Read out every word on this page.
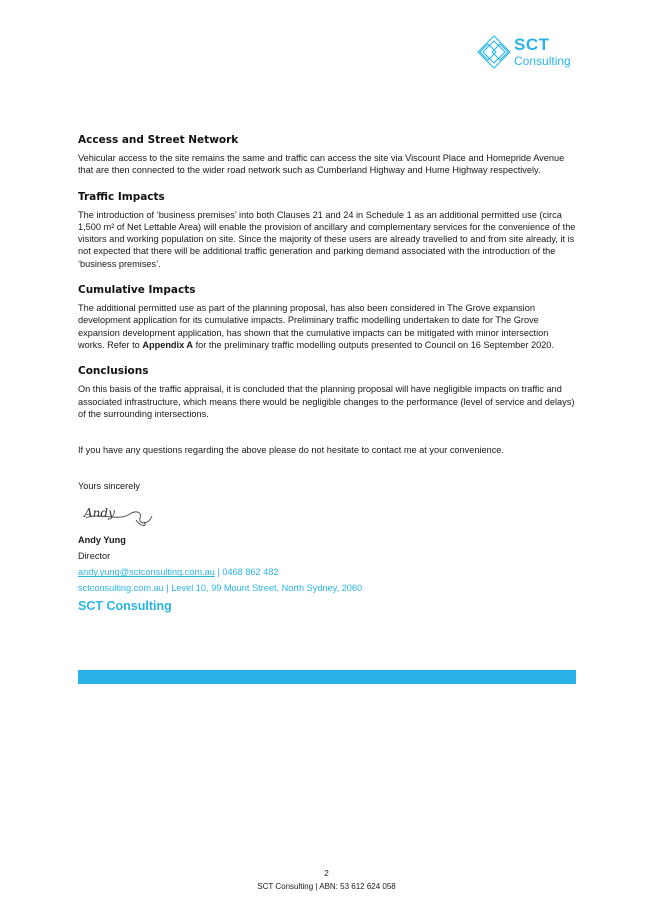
SCT
Consulting
Access and Street Network

Vehicular access to the site remains the same and traffic can access the site via Viscount Place and Homepride Avenue that are then connected to the wider road network such as Cumberland Highway and Hume Highway respectively.

Traffic Impacts

The introduction of ‘business premises’ into both Clauses 21 and 24 in Schedule 1 as an additional permitted use (circa 1,500 m² of Net Lettable Area) will enable the provision of ancillary and complementary services for the convenience of the visitors and working population on site. Since the majority of these users are already travelled to and from site already, it is not expected that there will be additional traffic generation and parking demand associated with the introduction of the ‘business premises’.

Cumulative Impacts

The additional permitted use as part of the planning proposal, has also been considered in The Grove expansion development application for its cumulative impacts. Preliminary traffic modelling undertaken to date for The Grove expansion development application, has shown that the cumulative impacts can be mitigated with minor intersection works. Refer to Appendix A for the preliminary traffic modelling outputs presented to Council on 16 September 2020.

Conclusions

On this basis of the traffic appraisal, it is concluded that the planning proposal will have negligible impacts on traffic and associated infrastructure, which means there would be negligible changes to the performance (level of service and delays) of the surrounding intersections.

If you have any questions regarding the above please do not hesitate to contact me at your convenience.

Yours sincerely
Andy
Andy Yung
Director
andy.yung@sctconsulting.com.au | 0468 862 482
sctconsulting.com.au | Level 10, 99 Mount Street, North Sydney, 2060
SCT Consulting
2
SCT Consulting | ABN: 53 612 624 058
